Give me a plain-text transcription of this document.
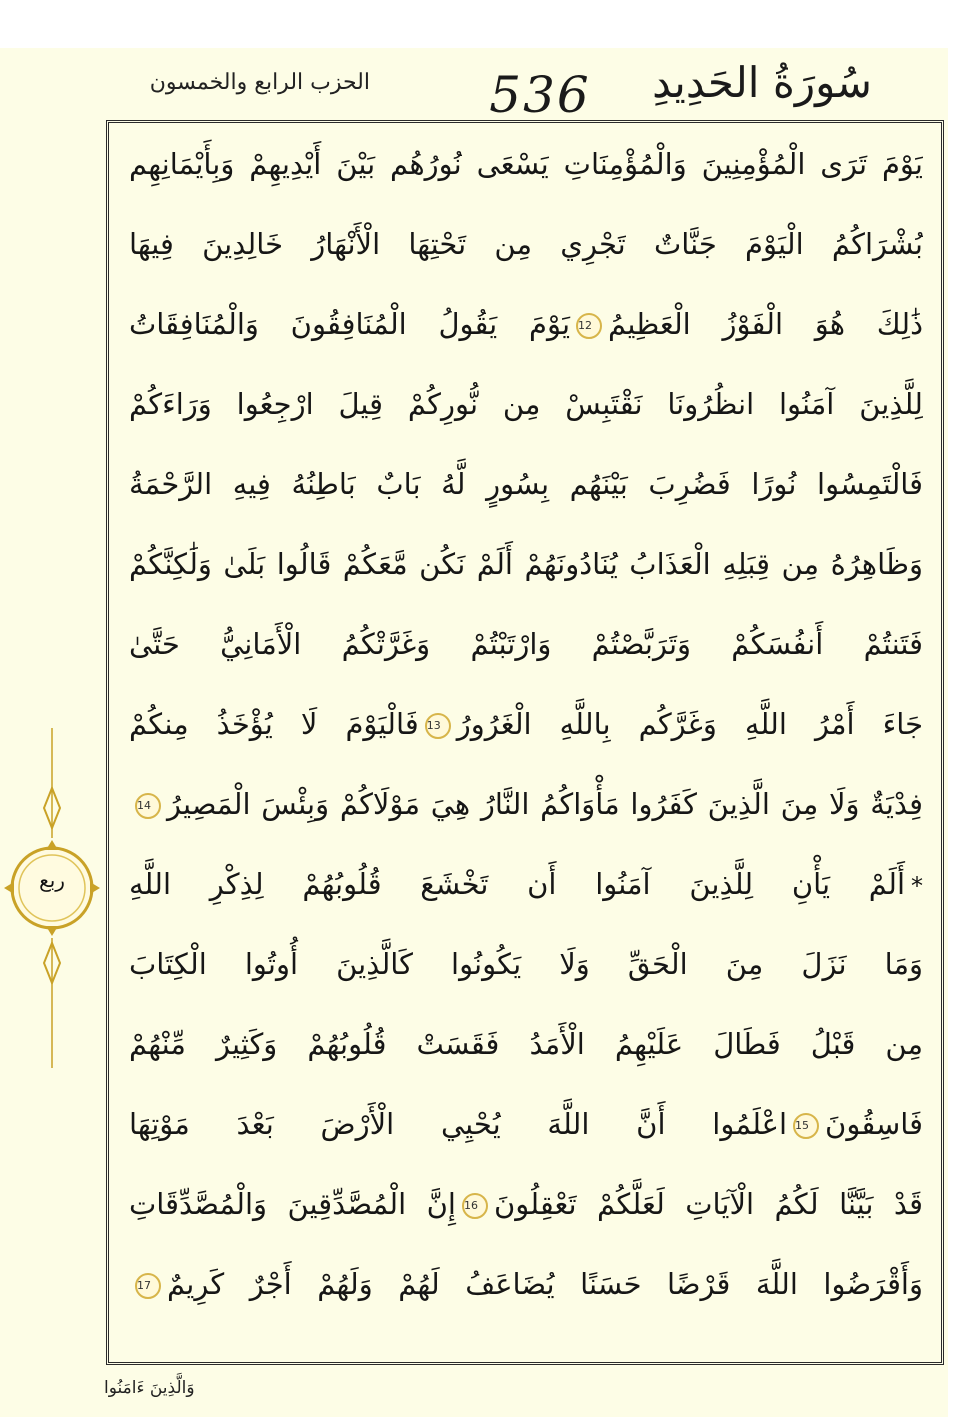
الحزب الرابع والخمسون	536	سُورَةُ الحَدِيدِ
يَوْمَ تَرَى الْمُؤْمِنِينَ وَالْمُؤْمِنَاتِ يَسْعَى نُورُهُم بَيْنَ أَيْدِيهِمْ وَبِأَيْمَانِهِم
بُشْرَاكُمُ الْيَوْمَ جَنَّاتٌ تَجْرِي مِن تَحْتِهَا الْأَنْهَارُ خَالِدِينَ فِيهَا
ذَٰلِكَ هُوَ الْفَوْزُ الْعَظِيمُ12يَوْمَ يَقُولُ الْمُنَافِقُونَ وَالْمُنَافِقَاتُ
لِلَّذِينَ آمَنُوا انظُرُونَا نَقْتَبِسْ مِن نُّورِكُمْ قِيلَ ارْجِعُوا وَرَاءَكُمْ
فَالْتَمِسُوا نُورًا فَضُرِبَ بَيْنَهُم بِسُورٍ لَّهُ بَابٌ بَاطِنُهُ فِيهِ الرَّحْمَةُ
وَظَاهِرُهُ مِن قِبَلِهِ الْعَذَابُ يُنَادُونَهُمْ أَلَمْ نَكُن مَّعَكُمْ قَالُوا بَلَىٰ وَلَٰكِنَّكُمْ
فَتَنتُمْ أَنفُسَكُمْ وَتَرَبَّصْتُمْ وَارْتَبْتُمْ وَغَرَّتْكُمُ الْأَمَانِيُّ حَتَّىٰ
جَاءَ أَمْرُ اللَّهِ وَغَرَّكُم بِاللَّهِ الْغَرُورُ13فَالْيَوْمَ لَا يُؤْخَذُ مِنكُمْ
فِدْيَةٌ وَلَا مِنَ الَّذِينَ كَفَرُوا مَأْوَاكُمُ النَّارُ هِيَ مَوْلَاكُمْ وَبِئْسَ الْمَصِيرُ14
*أَلَمْ يَأْنِ لِلَّذِينَ آمَنُوا أَن تَخْشَعَ قُلُوبُهُمْ لِذِكْرِ اللَّهِ
وَمَا نَزَلَ مِنَ الْحَقِّ وَلَا يَكُونُوا كَالَّذِينَ أُوتُوا الْكِتَابَ
مِن قَبْلُ فَطَالَ عَلَيْهِمُ الْأَمَدُ فَقَسَتْ قُلُوبُهُمْ وَكَثِيرٌ مِّنْهُمْ
فَاسِقُونَ15اعْلَمُوا أَنَّ اللَّهَ يُحْيِي الْأَرْضَ بَعْدَ مَوْتِهَا
قَدْ بَيَّنَّا لَكُمُ الْآيَاتِ لَعَلَّكُمْ تَعْقِلُونَ16إِنَّ الْمُصَّدِّقِينَ وَالْمُصَّدِّقَاتِ
وَأَقْرَضُوا اللَّهَ قَرْضًا حَسَنًا يُضَاعَفُ لَهُمْ وَلَهُمْ أَجْرٌ كَرِيمٌ17
ربع
وَالَّذِينَ ءَامَنُوا
